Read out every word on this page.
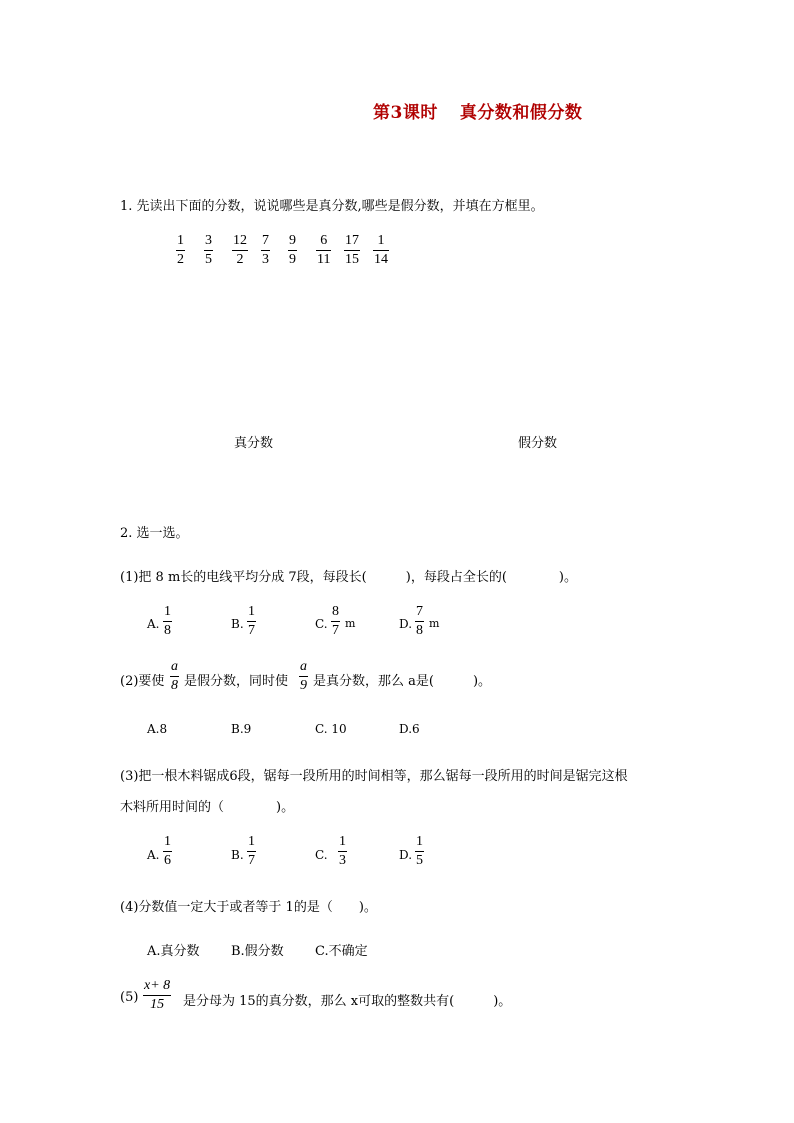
第3课时 真分数和假分数
1. 先读出下面的分数，说说哪些是真分数,哪些是假分数，并填在方框里。
$\frac{1}{2} \frac{3}{5} \frac{12}{2} \frac{7}{3} \frac{9}{9} \frac{6}{11} \frac{17}{15} \frac{1}{14}$
真分数	假分数
2. 选一选。
(1)把 8 m长的电线平均分成 7段，每段长(　　　)，每段占全长的(　　　　)。
A. $\frac{1}{8}$	B. $\frac{1}{7}$	C. $\frac{8}{7}$ m	D. $\frac{7}{8}$ m
(2)要使 $\frac{a}{8}$ 是假分数，同时使 $\frac{a}{9}$ 是真分数，那么 a是(　　　)。
A.8	B.9	C. 10	D.6
(3)把一根木料锯成6段，锯每一段所用的时间相等，那么锯每一段所用的时间是锯完这根
木料所用时间的（　　　　)。
A. $\frac{1}{6}$	B. $\frac{1}{7}$	C. $\frac{1}{3}$	D. $\frac{1}{5}$
(4)分数值一定大于或者等于 1的是（　　)。
A.真分数 B.假分数 C.不确定
$(5) \frac{x+ 8}{15}$ 是分母为 15的真分数，那么 x可取的整数共有(　　　)。
